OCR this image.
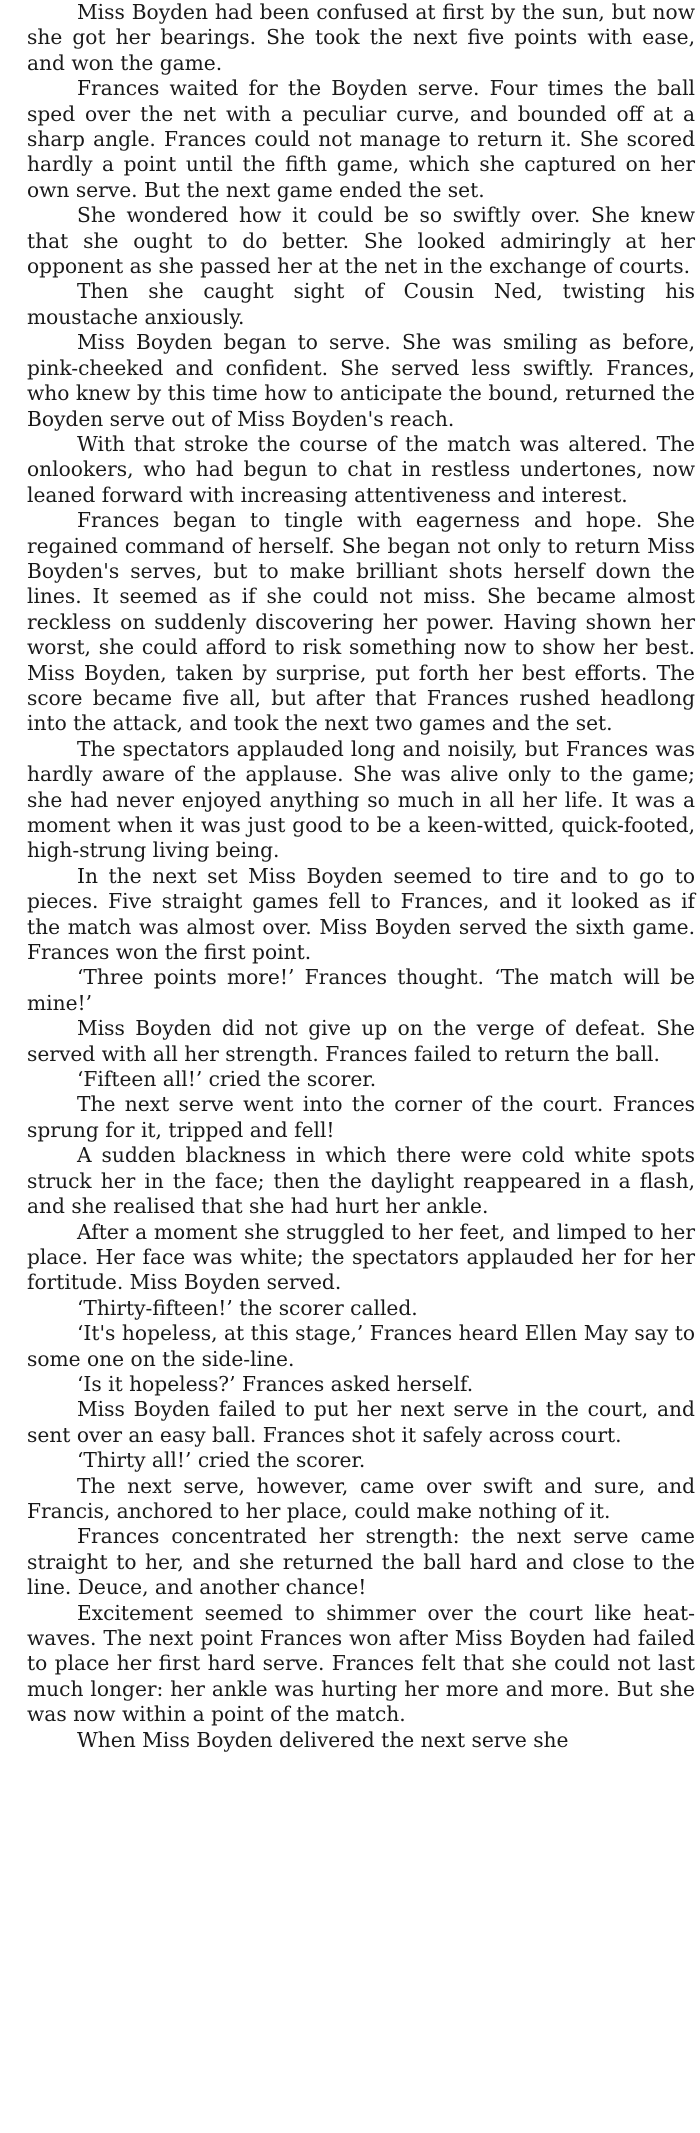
Miss Boyden had been confused at first by the sun, but now she got her bearings. She took the next five points with ease, and won the game.

Frances waited for the Boyden serve. Four times the ball sped over the net with a peculiar curve, and bounded off at a sharp angle. Frances could not manage to return it. She scored hardly a point until the fifth game, which she captured on her own serve. But the next game ended the set.

She wondered how it could be so swiftly over. She knew that she ought to do better. She looked admiringly at her opponent as she passed her at the net in the exchange of courts.

Then she caught sight of Cousin Ned, twisting his moustache anxiously.

Miss Boyden began to serve. She was smiling as before, pink-cheeked and confident. She served less swiftly. Frances, who knew by this time how to anticipate the bound, returned the Boyden serve out of Miss Boyden's reach.

With that stroke the course of the match was altered. The onlookers, who had begun to chat in restless undertones, now leaned forward with increasing attentiveness and interest.

Frances began to tingle with eagerness and hope. She regained command of herself. She began not only to return Miss Boyden's serves, but to make brilliant shots herself down the lines. It seemed as if she could not miss. She became almost reckless on suddenly discovering her power. Having shown her worst, she could afford to risk something now to show her best. Miss Boyden, taken by surprise, put forth her best efforts. The score became five all, but after that Frances rushed headlong into the attack, and took the next two games and the set.

The spectators applauded long and noisily, but Frances was hardly aware of the applause. She was alive only to the game; she had never enjoyed anything so much in all her life. It was a moment when it was just good to be a keen-witted, quick-footed, high-strung living being.

In the next set Miss Boyden seemed to tire and to go to pieces. Five straight games fell to Frances, and it looked as if the match was almost over. Miss Boyden served the sixth game. Frances won the first point.

‘Three points more!’ Frances thought. ‘The match will be mine!’

Miss Boyden did not give up on the verge of defeat. She served with all her strength. Frances failed to return the ball.

‘Fifteen all!’ cried the scorer.

The next serve went into the corner of the court. Frances sprung for it, tripped and fell!

A sudden blackness in which there were cold white spots struck her in the face; then the daylight reappeared in a flash, and she realised that she had hurt her ankle.

After a moment she struggled to her feet, and limped to her place. Her face was white; the spectators applauded her for her fortitude. Miss Boyden served.

‘Thirty-fifteen!’ the scorer called.

‘It's hopeless, at this stage,’ Frances heard Ellen May say to some one on the side-line.

‘Is it hopeless?’ Frances asked herself.

Miss Boyden failed to put her next serve in the court, and sent over an easy ball. Frances shot it safely across court.

‘Thirty all!’ cried the scorer.

The next serve, however, came over swift and sure, and Francis, anchored to her place, could make nothing of it.

Frances concentrated her strength: the next serve came straight to her, and she returned the ball hard and close to the line. Deuce, and another chance!

Excitement seemed to shimmer over the court like heat-waves. The next point Frances won after Miss Boyden had failed to place her first hard serve. Frances felt that she could not last much longer: her ankle was hurting her more and more. But she was now within a point of the match.

When Miss Boyden delivered the next serve she
